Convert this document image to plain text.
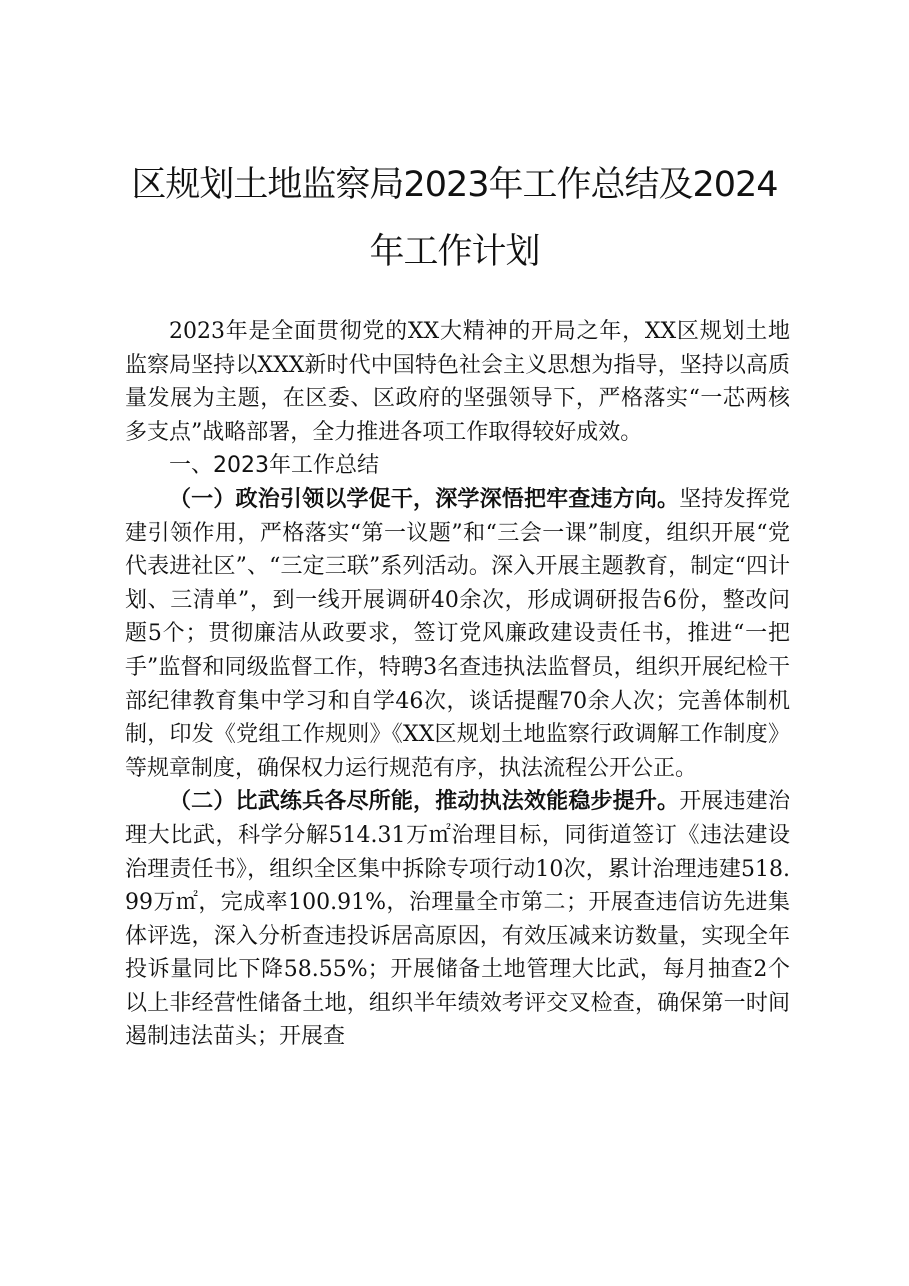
区规划土地监察局2023年工作总结及2024
年工作计划

2023年是全面贯彻党的XX大精神的开局之年，XX区规划土地监察局坚持以XXX新时代中国特色社会主义思想为指导，坚持以高质量发展为主题，在区委、区政府的坚强领导下，严格落实“一芯两核多支点”战略部署，全力推进各项工作取得较好成效。

一、2023年工作总结

（一）政治引领以学促干，深学深悟把牢查违方向。坚持发挥党建引领作用，严格落实“第一议题”和“三会一课”制度，组织开展“党代表进社区”、“三定三联”系列活动。深入开展主题教育，制定“四计划、三清单”，到一线开展调研40余次，形成调研报告6份，整改问题5个；贯彻廉洁从政要求，签订党风廉政建设责任书，推进“一把手”监督和同级监督工作，特聘3名查违执法监督员，组织开展纪检干部纪律教育集中学习和自学46次，谈话提醒70余人次；完善体制机制，印发《党组工作规则》《XX区规划土地监察行政调解工作制度》等规章制度，确保权力运行规范有序，执法流程公开公正。

（二）比武练兵各尽所能，推动执法效能稳步提升。开展违建治理大比武，科学分解514.31万㎡治理目标，同街道签订《违法建设治理责任书》，组织全区集中拆除专项行动10次，累计治理违建518.99万㎡，完成率100.91%，治理量全市第二；开展查违信访先进集体评选，深入分析查违投诉居高原因，有效压减来访数量，实现全年投诉量同比下降58.55%；开展储备土地管理大比武，每月抽查2个以上非经营性储备土地，组织半年绩效考评交叉检查，确保第一时间遏制违法苗头；开展查
